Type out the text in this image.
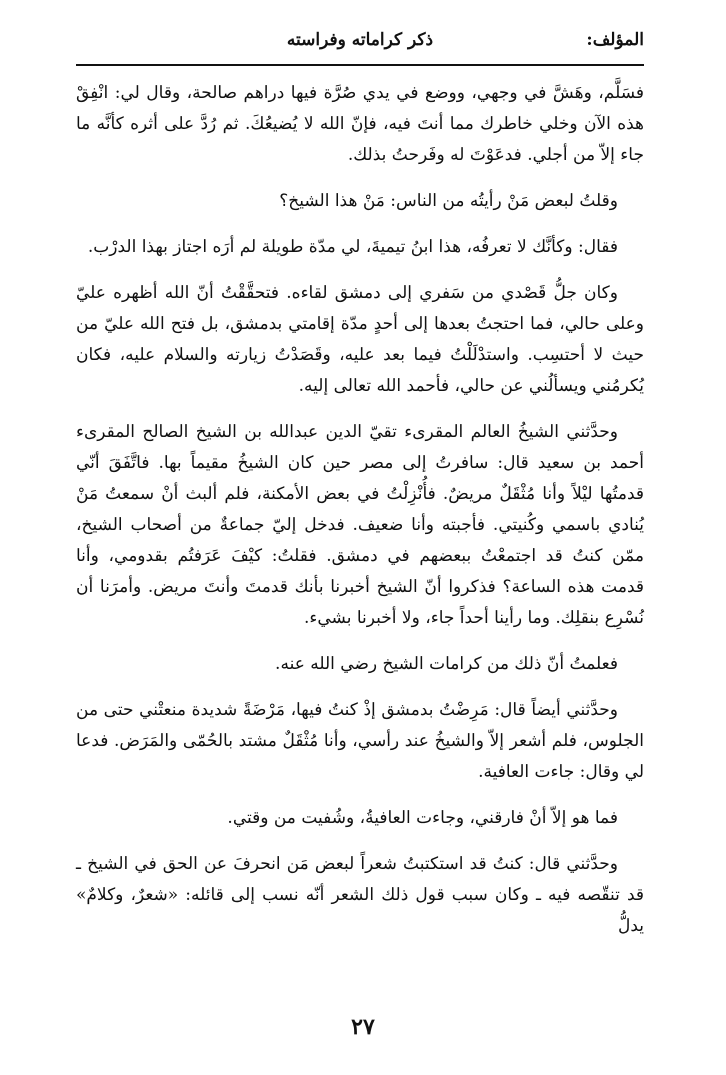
المؤلف:
ذكر كراماته وفراسته

فسَلَّم، وهَشَّ في وجهي، ووضع في يدي صُرَّة فيها دراهم صالحة، وقال لي: انْفِقْ هذه الآن وخلي خاطرك مما أنتَ فيه، فإنّ الله لا يُضيعُكَ. ثم رُدَّ على أثره كأنَّه ما جاء إلاّ من أجلي. فدعَوْتَ له وفَرحتُ بذلك.

وقلتُ لبعض مَنْ رأيتُه من الناس: مَنْ هذا الشيخ؟

فقال: وكأنَّك لا تعرفُه، هذا ابنُ تيميةَ، لي مدّة طويلة لم أرَه اجتاز بهذا الدرْب.

وكان جلُّ قَصْدي من سَفري إلى دمشق لقاءه. فتحقَّقْتُ أنّ الله أظهره عليّ وعلى حالي، فما احتجتُ بعدها إلى أحدٍ مدّة إقامتي بدمشق، بل فتح الله عليّ من حيث لا أحتسِب. واستدْلَلْتُ فيما بعد عليه، وقَصَدْتُ زيارته والسلام عليه، فكان يُكرمُني ويسألُني عن حالي، فأحمد الله تعالى إليه.

وحدَّثني الشيخُ العالم المقرىء تقيّ الدين عبدالله بن الشيخ الصالح المقرىء أحمد بن سعيد قال: سافرتُ إلى مصر حين كان الشيخُ مقيماً بها. فاتَّفَقَ أنّي قدمتُها ليْلاً وأنا مُثْقَلٌ مريضٌ. فأُنْزِلْتُ في بعض الأمكنة، فلم ألبث أنْ سمعتُ مَنْ يُنادي باسمي وكُنيتي. فأجبته وأنا ضعيف. فدخل إليّ جماعةٌ من أصحاب الشيخ، ممّن كنتُ قد اجتمعْتُ ببعضهم في دمشق. فقلتُ: كيْفَ عَرَفتُم بقدومي، وأنا قدمت هذه الساعة؟ فذكروا أنّ الشيخ أخبرنا بأنك قدمتَ وأنتَ مريض. وأمرَنا أن نُسْرِع بنقلِك. وما رأينا أحداً جاء، ولا أخبرنا بشيء.

فعلمتُ أنّ ذلك من كرامات الشيخ رضي الله عنه.

وحدَّثني أيضاً قال: مَرِضْتُ بدمشق إذْ كنتُ فيها، مَرْضَةً شديدة منعتْني حتى من الجلوس، فلم أشعر إلاّ والشيخُ عند رأسي، وأنا مُثْقَلٌ مشتد بالحُمّى والمَرَض. فدعا لي وقال: جاءت العافية.

فما هو إلاّ أنْ فارقني، وجاءت العافيةُ، وشُفيت من وقتي.

وحدَّثني قال: كنتُ قد استكتبتُ شعراً لبعض مَن انحرفَ عن الحق في الشيخ ـ قد تنقّصه فيه ـ وكان سبب قول ذلك الشعر أنّه نسب إلى قائله: «شعرٌ، وكلامٌ» يدلُّ

٢٧
